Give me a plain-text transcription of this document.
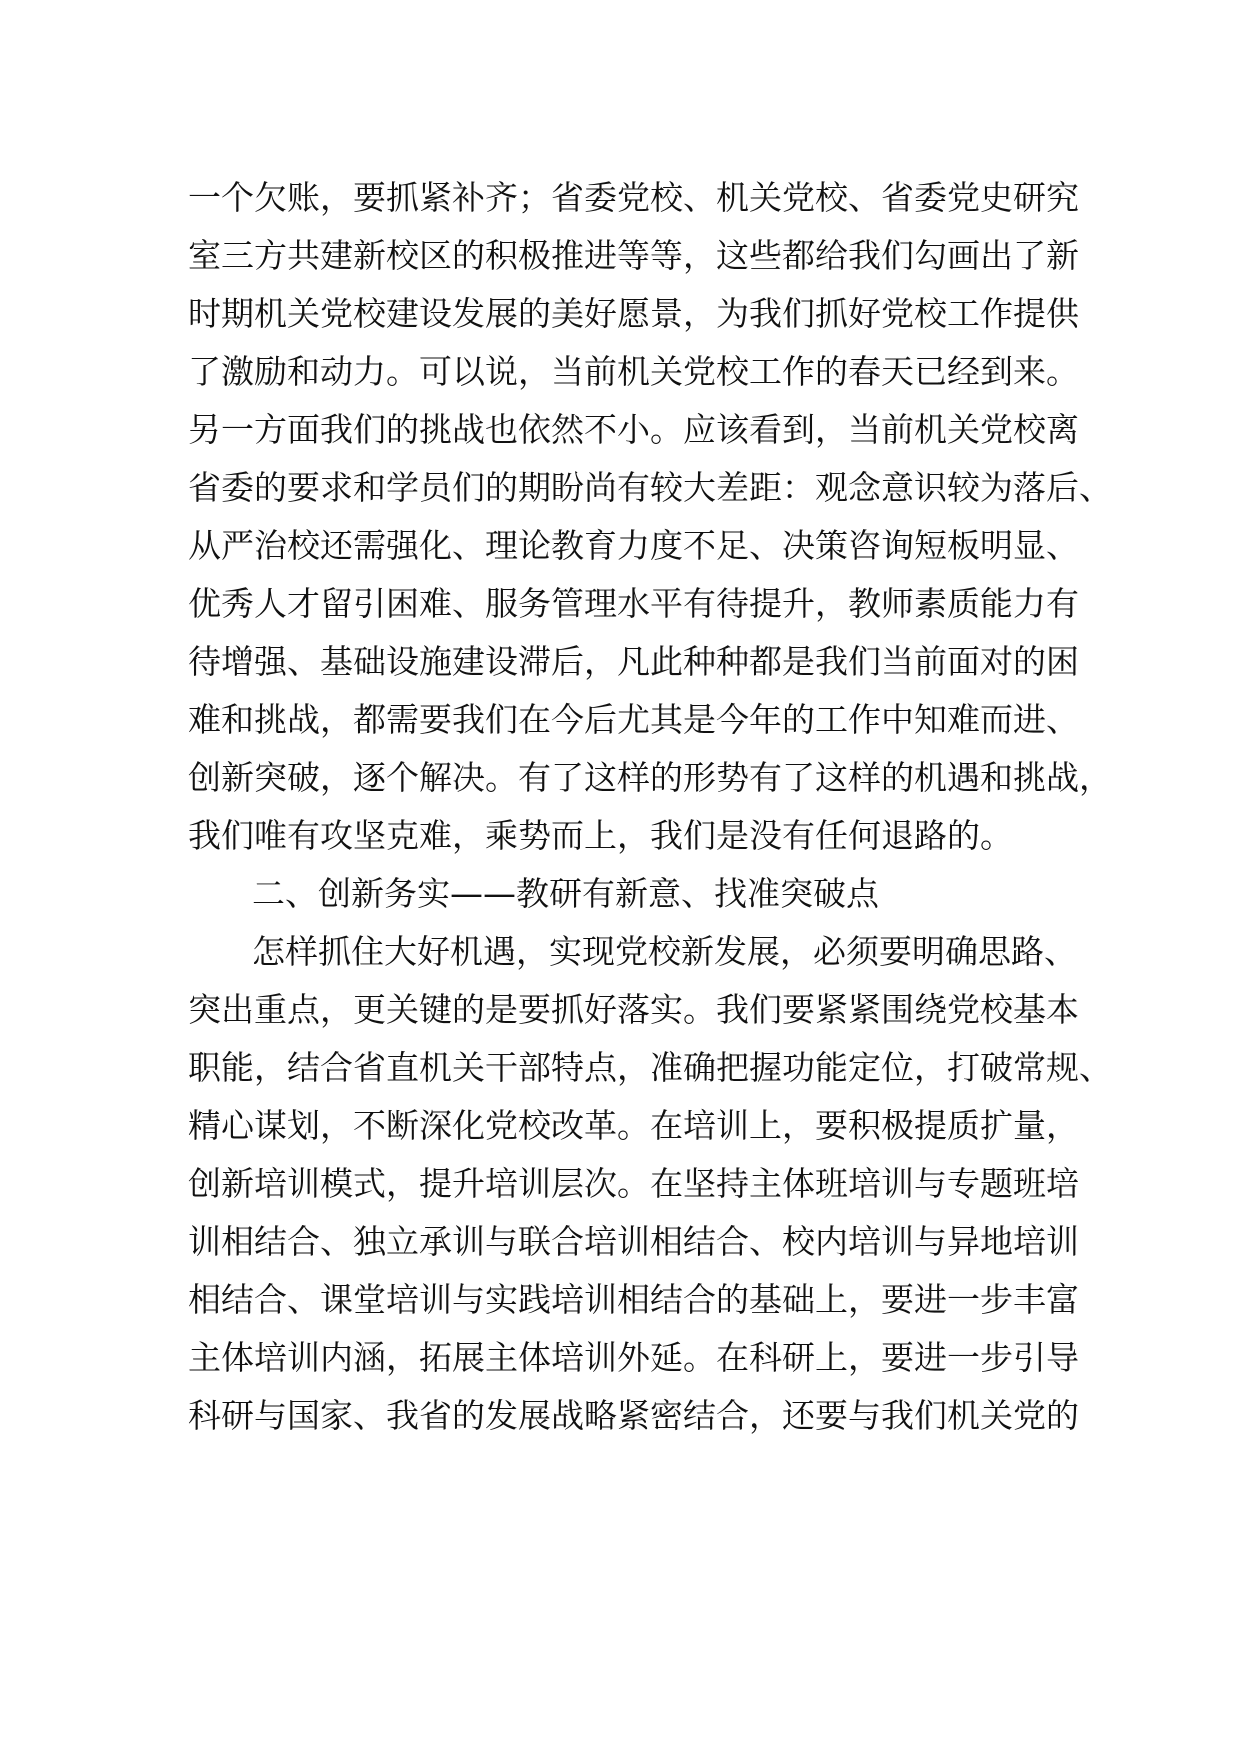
一个欠账，要抓紧补齐；省委党校、机关党校、省委党史研究
室三方共建新校区的积极推进等等，这些都给我们勾画出了新
时期机关党校建设发展的美好愿景，为我们抓好党校工作提供
了激励和动力。可以说，当前机关党校工作的春天已经到来。
另一方面我们的挑战也依然不小。应该看到，当前机关党校离
省委的要求和学员们的期盼尚有较大差距：观念意识较为落后、
从严治校还需强化、理论教育力度不足、决策咨询短板明显、
优秀人才留引困难、服务管理水平有待提升，教师素质能力有
待增强、基础设施建设滞后，凡此种种都是我们当前面对的困
难和挑战，都需要我们在今后尤其是今年的工作中知难而进、
创新突破，逐个解决。有了这样的形势有了这样的机遇和挑战，
我们唯有攻坚克难，乘势而上，我们是没有任何退路的。
二、创新务实——教研有新意、找准突破点
怎样抓住大好机遇，实现党校新发展，必须要明确思路、
突出重点，更关键的是要抓好落实。我们要紧紧围绕党校基本
职能，结合省直机关干部特点，准确把握功能定位，打破常规、
精心谋划，不断深化党校改革。在培训上，要积极提质扩量，
创新培训模式，提升培训层次。在坚持主体班培训与专题班培
训相结合、独立承训与联合培训相结合、校内培训与异地培训
相结合、课堂培训与实践培训相结合的基础上，要进一步丰富
主体培训内涵，拓展主体培训外延。在科研上，要进一步引导
科研与国家、我省的发展战略紧密结合，还要与我们机关党的
